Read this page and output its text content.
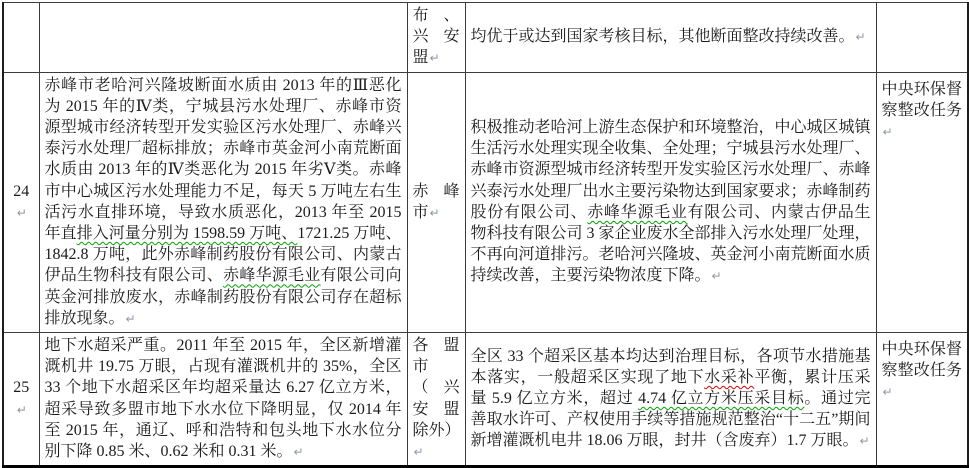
		布、兴安盟↵	均优于或达到国家考核目标，其他断面整改持续改善。↵	
24↵	赤峰市老哈河兴隆坡断面水质由 2013 年的Ⅲ恶化为 2015 年的Ⅳ类，宁城县污水处理厂、赤峰市资源型城市经济转型开发实验区污水处理厂、赤峰兴泰污水处理厂超标排放；赤峰市英金河小南荒断面水质由 2013 年的Ⅳ类恶化为 2015 年劣Ⅴ类。赤峰市中心城区污水处理能力不足，每天 5 万吨左右生活污水直排环境，导致水质恶化，2013 年至 2015 年直排入河量分别为 1598.59 万吨、1721.25 万吨、1842.8 万吨，此外赤峰制药股份有限公司、内蒙古伊品生物科技有限公司、赤峰华源毛业有限公司向英金河排放废水，赤峰制药股份有限公司存在超标排放现象。↵	赤峰市↵	积极推动老哈河上游生态保护和环境整治，中心城区城镇生活污水处理实现全收集、全处理；宁城县污水处理厂、赤峰市资源型城市经济转型开发实验区污水处理厂、赤峰兴泰污水处理厂出水主要污染物达到国家要求；赤峰制药股份有限公司、赤峰华源毛业有限公司、内蒙古伊品生物科技有限公司 3 家企业废水全部排入污水处理厂处理，不再向河道排污。老哈河兴隆坡、英金河小南荒断面水质持续改善，主要污染物浓度下降。↵	中央环保督察整改任务↵
25↵	地下水超采严重。2011 年至 2015 年，全区新增灌溉机井 19.75 万眼，占现有灌溉机井的 35%，全区 33 个地下水超采区年均超采量达 6.27 亿立方米，超采导致多盟市地下水水位下降明显，仅 2014 年至 2015 年，通辽、呼和浩特和包头地下水水位分别下降 0.85 米、0.62 米和 0.31 米。↵	各盟市（兴安盟除外）↵	全区 33 个超采区基本均达到治理目标，各项节水措施基本落实，一般超采区实现了地下水采补平衡，累计压采量 5.9 亿立方米，超过 4.74 亿立方米压采目标。通过完善取水许可、产权使用手续等措施规范整治“十二五”期间新增灌溉机电井 18.06 万眼，封井（含废弃）1.7 万眼。↵	中央环保督察整改任务↵
